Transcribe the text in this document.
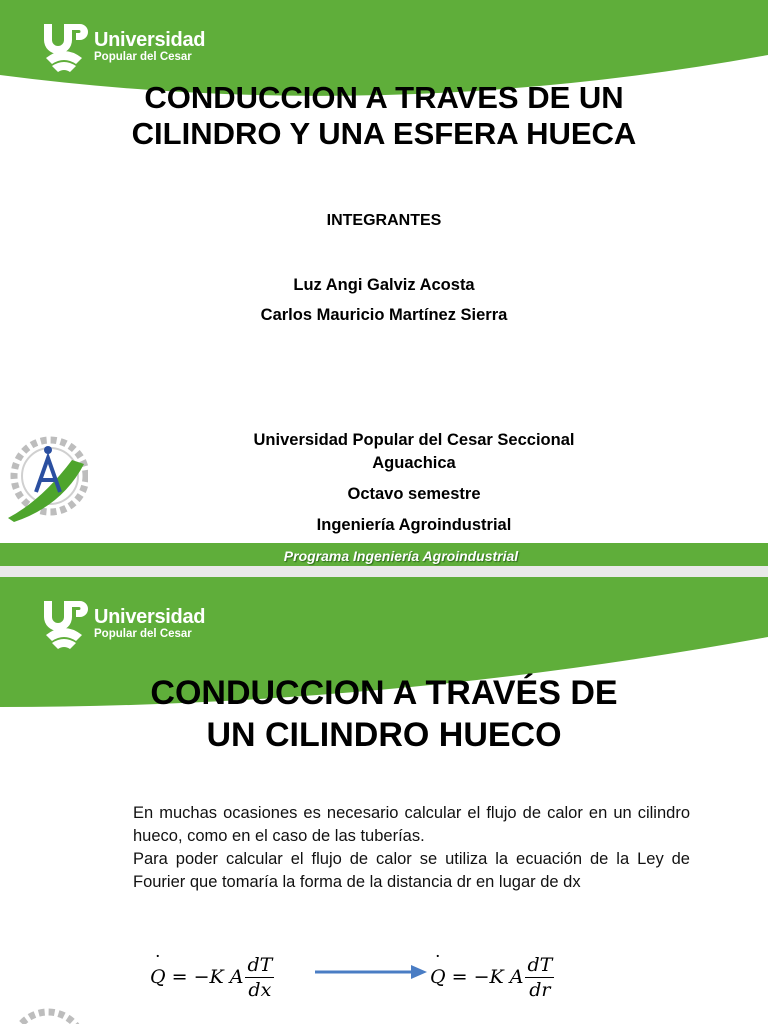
Universidad
Popular del Cesar
CONDUCCION A TRAVES DE UN
CILINDRO Y UNA ESFERA HUECA
INTEGRANTES
Luz Angi Galviz Acosta
Carlos Mauricio Martínez Sierra
Universidad Popular del Cesar Seccional
Aguachica
Octavo semestre
Ingeniería Agroindustrial
Programa Ingeniería Agroindustrial
Universidad
Popular del Cesar
CONDUCCION A TRAVÉS DE
UN CILINDRO HUECO

En muchas ocasiones es necesario calcular el flujo de calor en un cilindro hueco, como en el caso de las tuberías.

Para poder calcular el flujo de calor se utiliza la ecuación de la Ley de Fourier que tomaría la forma de la distancia dr en lugar de dx

˙ Q = −K A $\frac{dT}{dx}$
˙	Q = −K A $\frac{dT}{dr}$
